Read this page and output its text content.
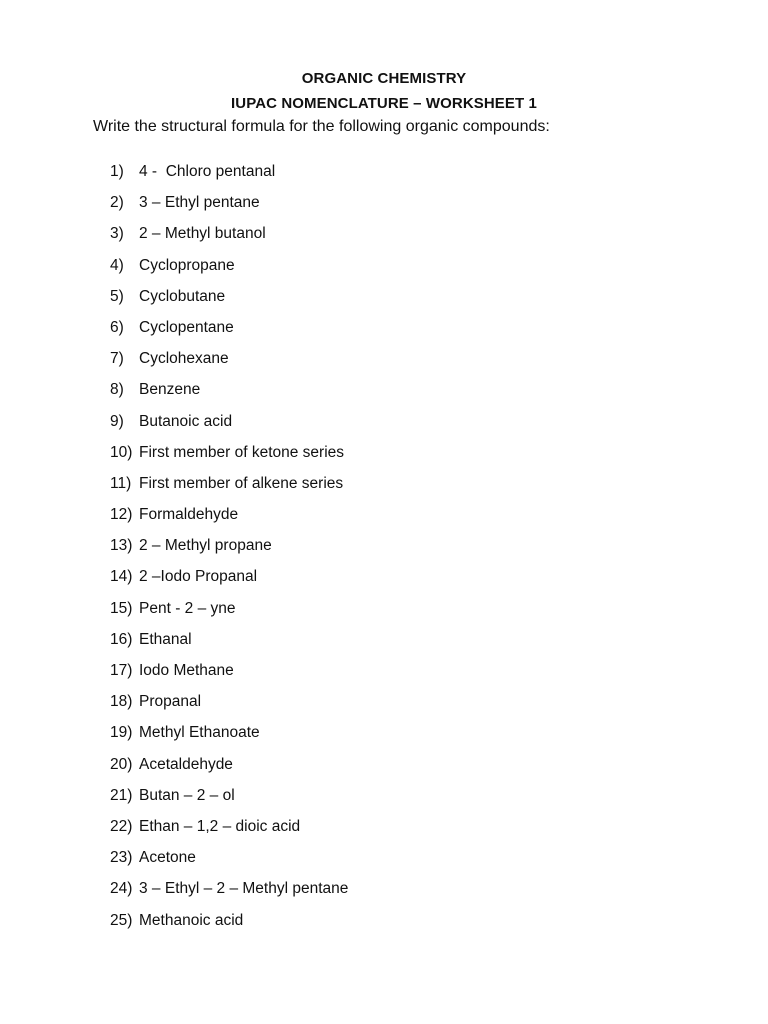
ORGANIC CHEMISTRY
IUPAC NOMENCLATURE – WORKSHEET 1
Write the structural formula for the following organic compounds:
1) 4 -  Chloro pentanal
2) 3 – Ethyl pentane
3) 2 – Methyl butanol
4) Cyclopropane
5) Cyclobutane
6) Cyclopentane
7) Cyclohexane
8) Benzene
9) Butanoic acid
10) First member of ketone series
11) First member of alkene series
12) Formaldehyde
13) 2 – Methyl propane
14) 2 –Iodo Propanal
15) Pent - 2 – yne
16) Ethanal
17) Iodo Methane
18) Propanal
19) Methyl Ethanoate
20) Acetaldehyde
21) Butan – 2 – ol
22) Ethan – 1,2 – dioic acid
23) Acetone
24) 3 – Ethyl – 2 – Methyl pentane
25) Methanoic acid
